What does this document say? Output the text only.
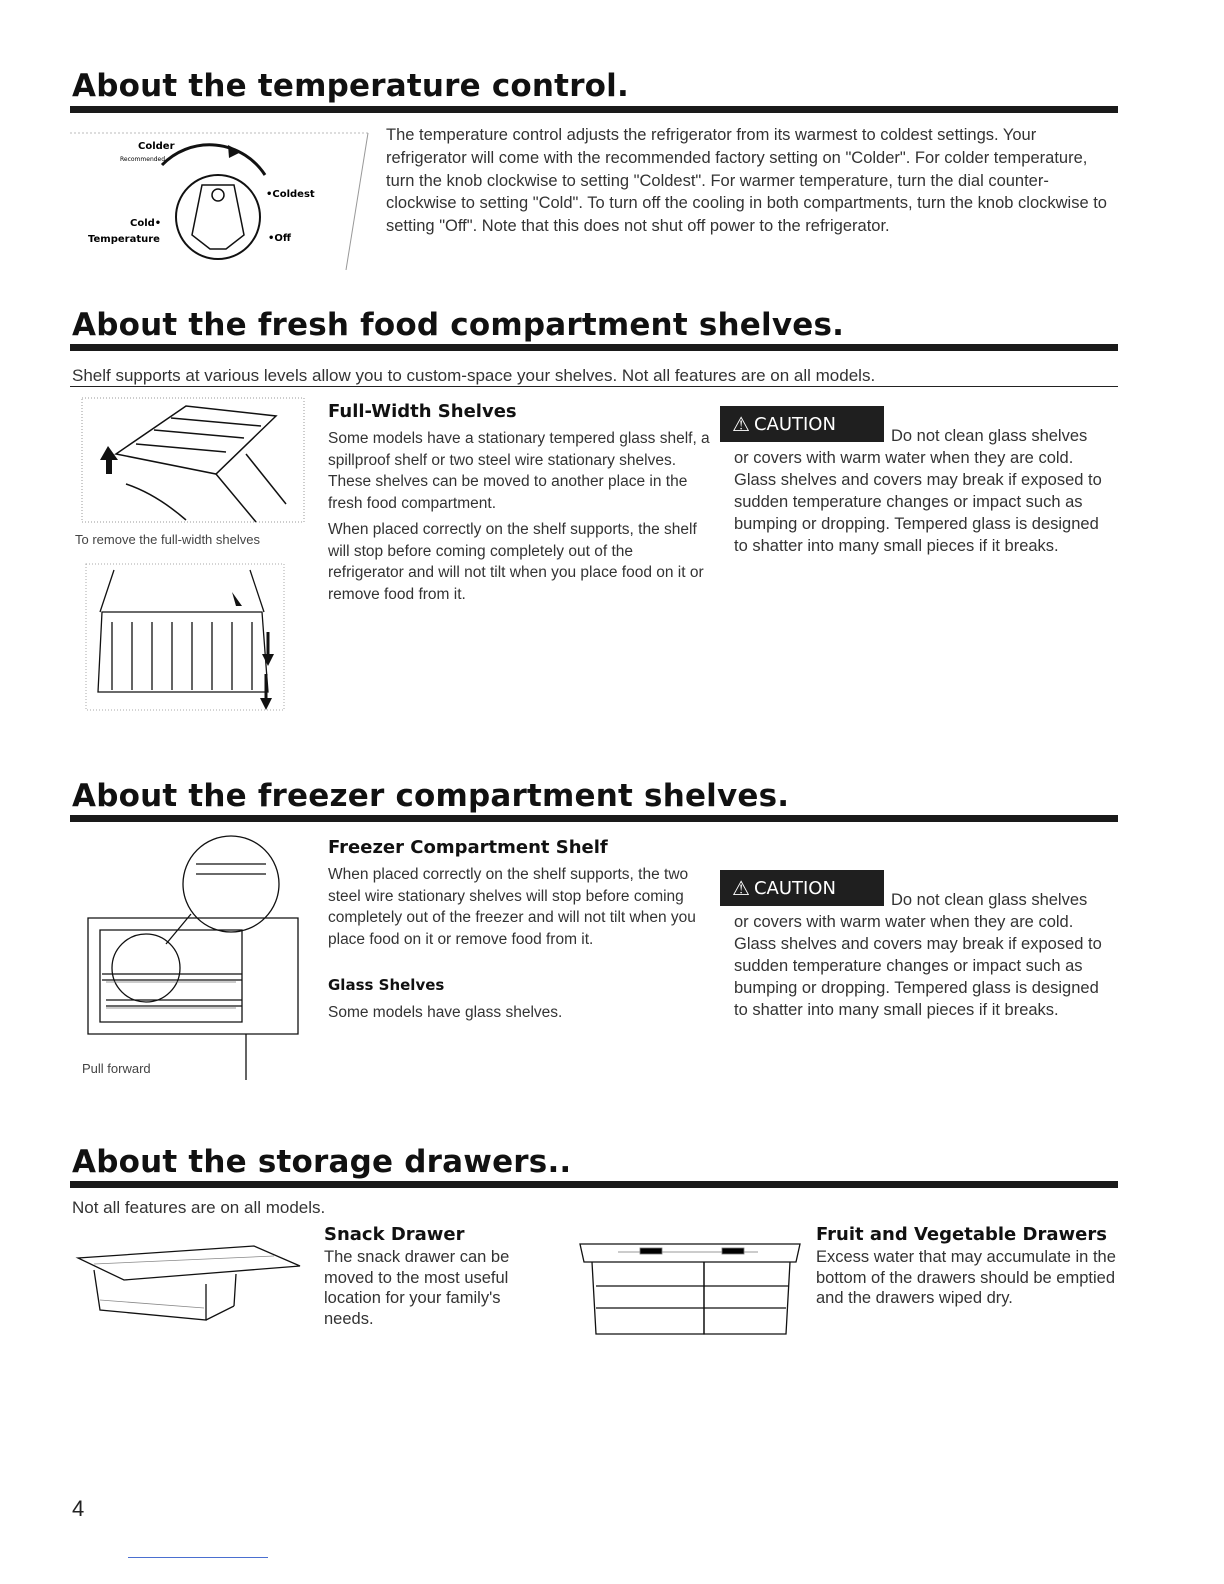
About the temperature control.
Colder
Recommended
•Coldest
Cold•
Temperature	•Off

The temperature control adjusts the refrigerator from its warmest to coldest settings. Your refrigerator will come with the recommended factory setting on "Colder". For colder temperature, turn the knob clockwise to setting "Coldest". For warmer temperature, turn the dial counter-clockwise to setting "Cold". To turn off the cooling in both compartments, turn the knob clockwise to setting "Off". Note that this does not shut off power to the refrigerator.

About the fresh food compartment shelves.

Shelf supports at various levels allow you to custom-space your shelves. Not all features are on all models.

To remove the full-width shelves
Full-Width Shelves

Some models have a stationary tempered glass shelf, a spillproof shelf or two steel wire stationary shelves. These shelves can be moved to another place in the fresh food compartment.

When placed correctly on the shelf supports, the shelf will stop before coming completely out of the refrigerator and will not tilt when you place food on it or remove food from it.

⚠ CAUTION
Do not clean glass shelves

or covers with warm water when they are cold. Glass shelves and covers may break if exposed to sudden temperature changes or impact such as bumping or dropping. Tempered glass is designed to shatter into many small pieces if it breaks.

About the freezer compartment shelves.
Pull forward
Freezer Compartment Shelf

When placed correctly on the shelf supports, the two steel wire stationary shelves will stop before coming completely out of the freezer and will not tilt when you place food on it or remove food from it.

Glass Shelves

Some models have glass shelves.

⚠ CAUTION
Do not clean glass shelves

or covers with warm water when they are cold. Glass shelves and covers may break if exposed to sudden temperature changes or impact such as bumping or dropping. Tempered glass is designed to shatter into many small pieces if it breaks.

About the storage drawers..

Not all features are on all models.

Snack Drawer

The snack drawer can be moved to the most useful location for your family's needs.

Fruit and Vegetable Drawers

Excess water that may accumulate in the bottom of the drawers should be emptied and the drawers wiped dry.

4
